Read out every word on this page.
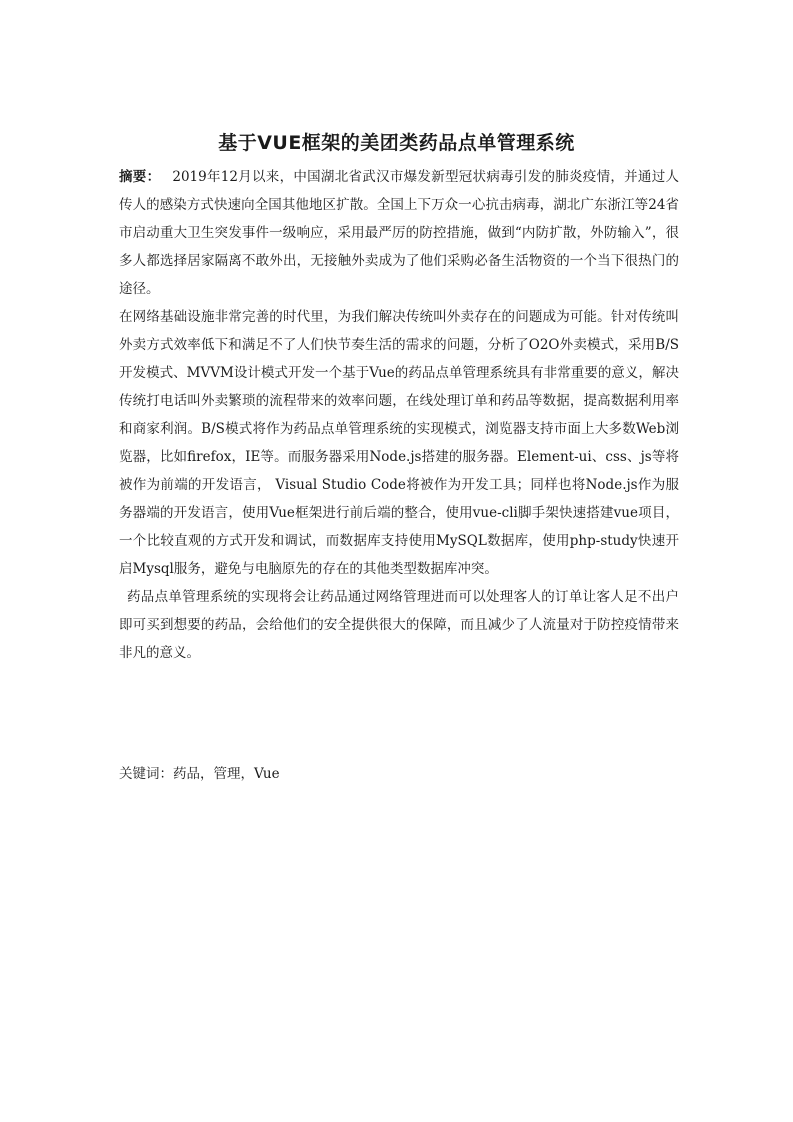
基于VUE框架的美团类药品点单管理系统

摘要： 2019年12月以来，中国湖北省武汉市爆发新型冠状病毒引发的肺炎疫情，并通过人传人的感染方式快速向全国其他地区扩散。全国上下万众一心抗击病毒，湖北广东浙江等24省市启动重大卫生突发事件一级响应，采用最严厉的防控措施，做到“内防扩散，外防输入”，很多人都选择居家隔离不敢外出，无接触外卖成为了他们采购必备生活物资的一个当下很热门的途径。

在网络基础设施非常完善的时代里，为我们解决传统叫外卖存在的问题成为可能。针对传统叫外卖方式效率低下和满足不了人们快节奏生活的需求的问题，分析了O2O外卖模式，采用B/S开发模式、MVVM设计模式开发一个基于Vue的药品点单管理系统具有非常重要的意义，解决传统打电话叫外卖繁琐的流程带来的效率问题，在线处理订单和药品等数据，提高数据利用率和商家利润。B/S模式将作为药品点单管理系统的实现模式，浏览器支持市面上大多数Web浏览器，比如firefox，IE等。而服务器采用Node.js搭建的服务器。Element-ui、css、js等将被作为前端的开发语言， Visual Studio Code将被作为开发工具；同样也将Node.js作为服务器端的开发语言，使用Vue框架进行前后端的整合，使用vue-cli脚手架快速搭建vue项目，一个比较直观的方式开发和调试，而数据库支持使用MySQL数据库，使用php-study快速开启Mysql服务，避免与电脑原先的存在的其他类型数据库冲突。

药品点单管理系统的实现将会让药品通过网络管理进而可以处理客人的订单让客人足不出户即可买到想要的药品，会给他们的安全提供很大的保障，而且减少了人流量对于防控疫情带来非凡的意义。

关键词：药品，管理，Vue
